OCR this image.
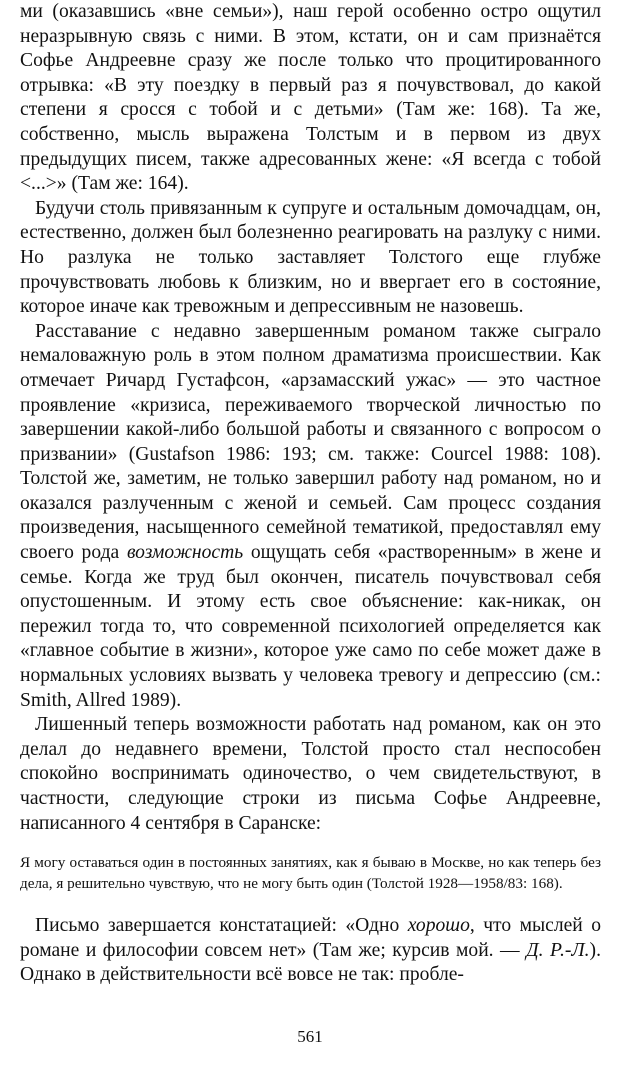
ми (оказавшись «вне семьи»), наш герой особенно остро ощутил неразрывную связь с ними. В этом, кстати, он и сам признаётся Софье Андреевне сразу же после только что процитированного отрывка: «В эту поездку в первый раз я почувствовал, до какой степени я сросся с тобой и с детьми» (Там же: 168). Та же, собственно, мысль выражена Толстым и в первом из двух предыдущих писем, также адресованных жене: «Я всегда с тобой <...>» (Там же: 164).

Будучи столь привязанным к супруге и остальным домочадцам, он, естественно, должен был болезненно реагировать на разлуку с ними. Но разлука не только заставляет Толстого еще глубже прочувствовать любовь к близким, но и ввергает его в состояние, которое иначе как тревожным и депрессивным не назовешь.

Расставание с недавно завершенным романом также сыграло немаловажную роль в этом полном драматизма происшествии. Как отмечает Ричард Густафсон, «арзамасский ужас» — это частное проявление «кризиса, переживаемого творческой личностью по завершении какой-либо большой работы и связанного с вопросом о призвании» (Gustafson 1986: 193; см. также: Courcel 1988: 108). Толстой же, заметим, не только завершил работу над романом, но и оказался разлученным с женой и семьей. Сам процесс создания произведения, насыщенного семейной тематикой, предоставлял ему своего рода возможность ощущать себя «растворенным» в жене и семье. Когда же труд был окончен, писатель почувствовал себя опустошенным. И этому есть свое объяснение: как-никак, он пережил тогда то, что современной психологией определяется как «главное событие в жизни», которое уже само по себе может даже в нормальных условиях вызвать у человека тревогу и депрессию (см.: Smith, Allred 1989).

Лишенный теперь возможности работать над романом, как он это делал до недавнего времени, Толстой просто стал неспособен спокойно воспринимать одиночество, о чем свидетельствуют, в частности, следующие строки из письма Софье Андреевне, написанного 4 сентября в Саранске:

Я могу оставаться один в постоянных занятиях, как я бываю в Москве, но как теперь без дела, я решительно чувствую, что не могу быть один (Толстой 1928—1958/83: 168).

Письмо завершается констатацией: «Одно хорошо, что мыслей о романе и философии совсем нет» (Там же; курсив мой. — Д. Р.-Л.). Однако в действительности всё вовсе не так: пробле-

561
